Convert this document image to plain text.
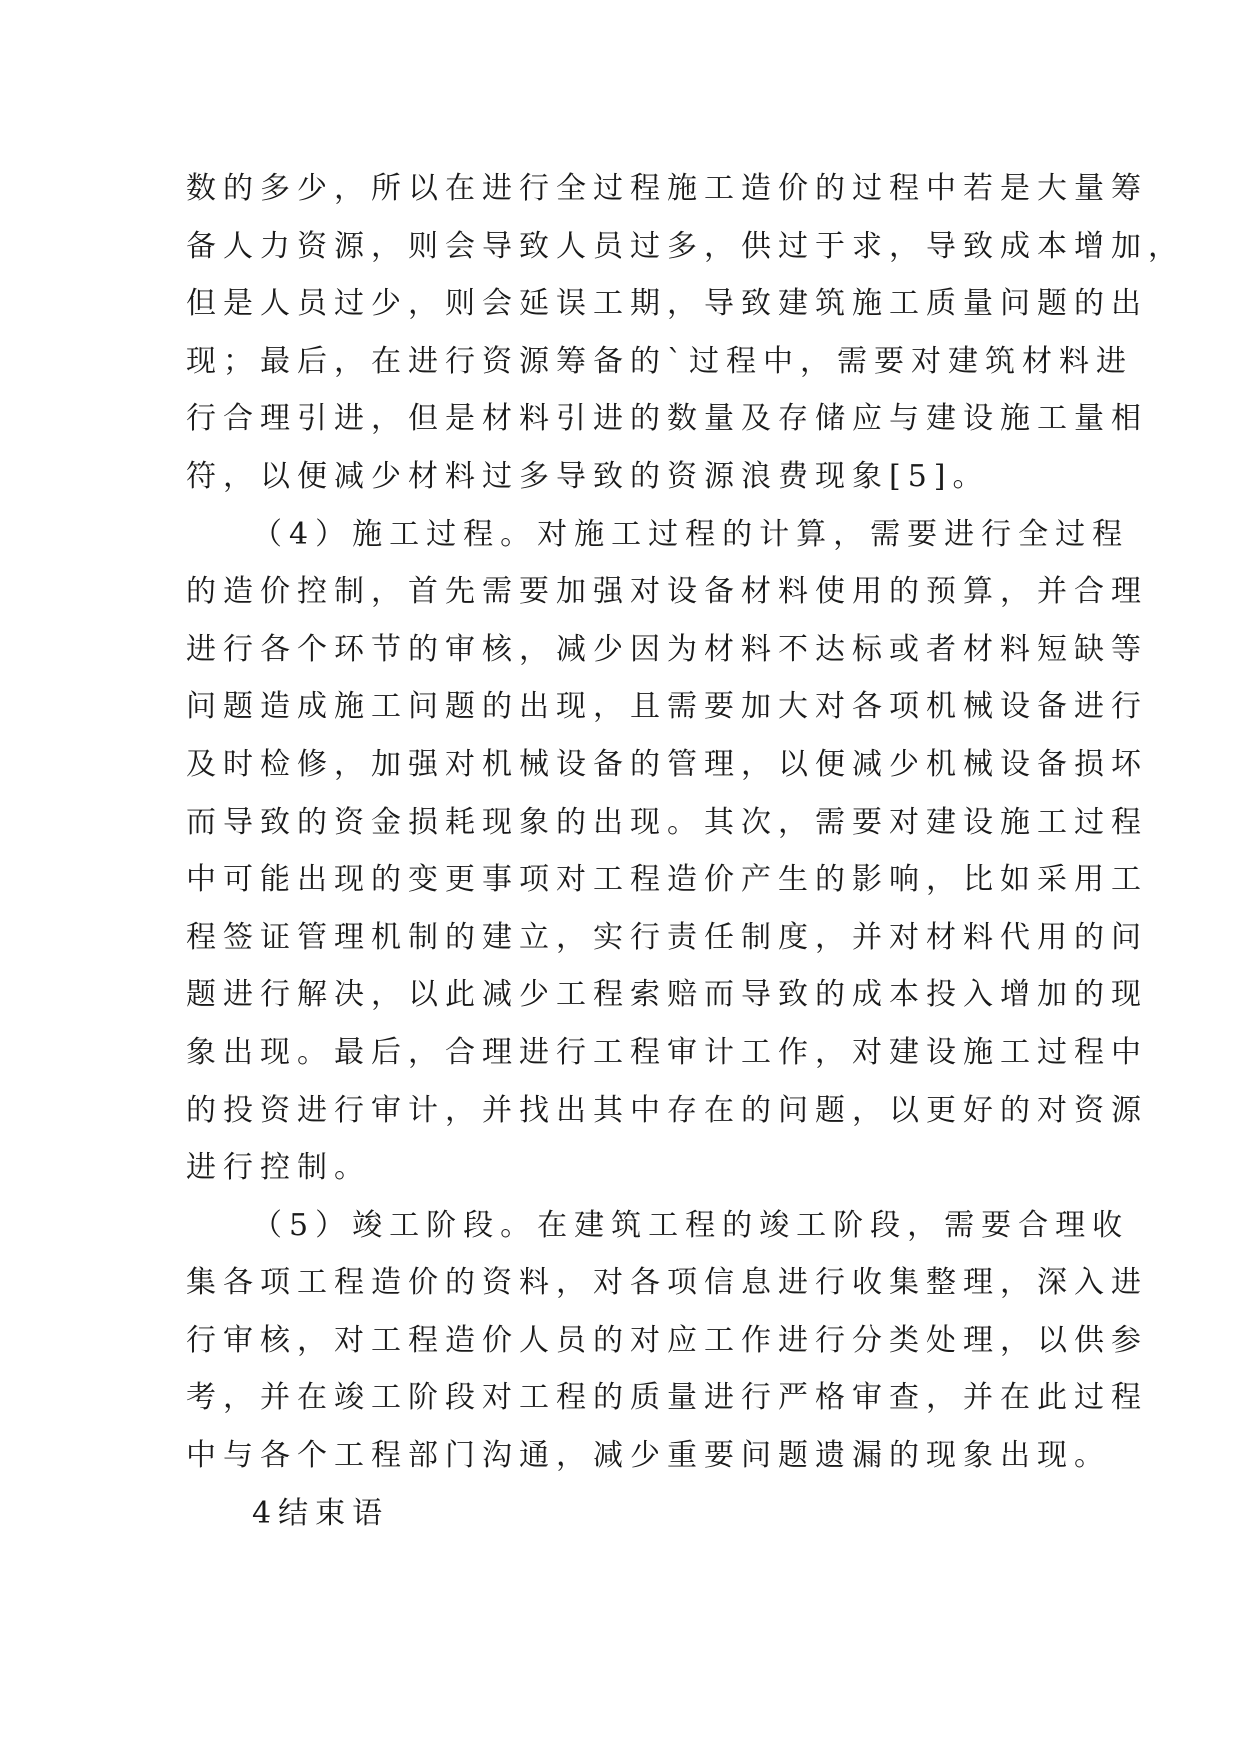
数的多少，所以在进行全过程施工造价的过程中若是大量筹
备人力资源，则会导致人员过多，供过于求，导致成本增加，
但是人员过少，则会延误工期，导致建筑施工质量问题的出
现；最后，在进行资源筹备的`过程中，需要对建筑材料进
行合理引进，但是材料引进的数量及存储应与建设施工量相
符，以便减少材料过多导致的资源浪费现象[5]。
（4）施工过程。对施工过程的计算，需要进行全过程
的造价控制，首先需要加强对设备材料使用的预算，并合理
进行各个环节的审核，减少因为材料不达标或者材料短缺等
问题造成施工问题的出现，且需要加大对各项机械设备进行
及时检修，加强对机械设备的管理，以便减少机械设备损坏
而导致的资金损耗现象的出现。其次，需要对建设施工过程
中可能出现的变更事项对工程造价产生的影响，比如采用工
程签证管理机制的建立，实行责任制度，并对材料代用的问
题进行解决，以此减少工程索赔而导致的成本投入增加的现
象出现。最后，合理进行工程审计工作，对建设施工过程中
的投资进行审计，并找出其中存在的问题，以更好的对资源
进行控制。
（5）竣工阶段。在建筑工程的竣工阶段，需要合理收
集各项工程造价的资料，对各项信息进行收集整理，深入进
行审核，对工程造价人员的对应工作进行分类处理，以供参
考，并在竣工阶段对工程的质量进行严格审查，并在此过程
中与各个工程部门沟通，减少重要问题遗漏的现象出现。
4结束语
